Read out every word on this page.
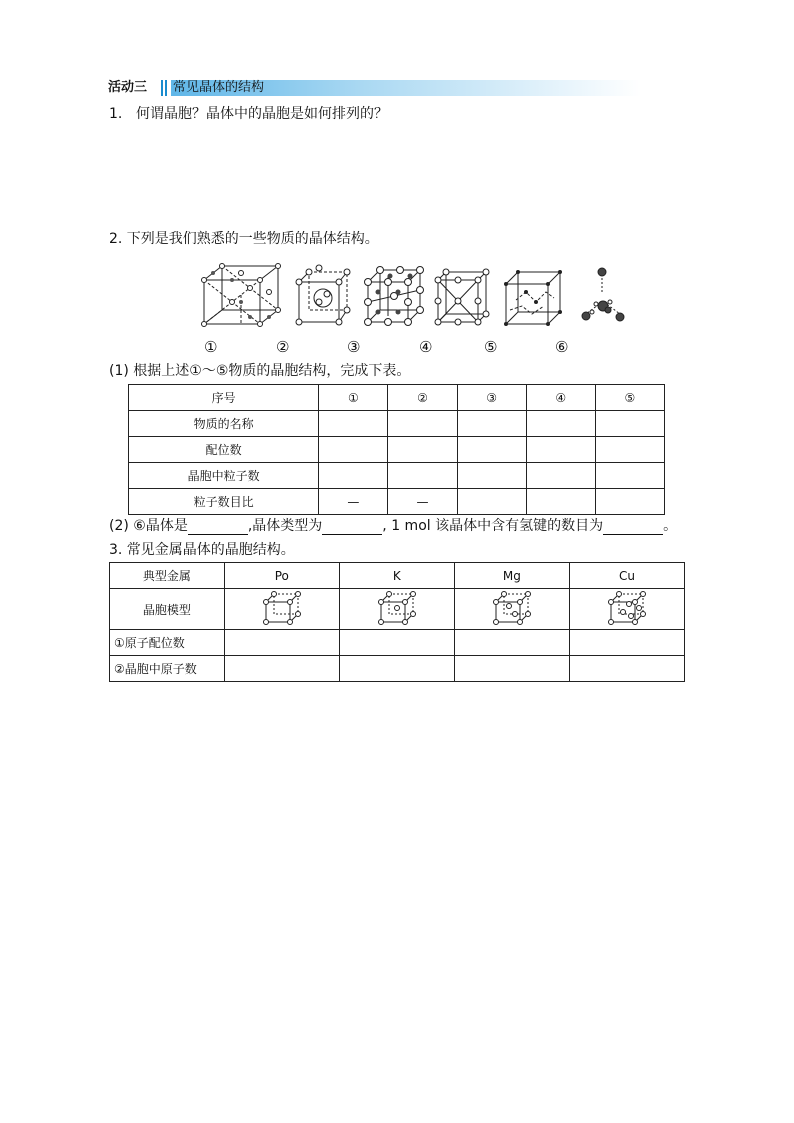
活动三 常见晶体的结构
1. 何谓晶胞？晶体中的晶胞是如何排列的？
2. 下列是我们熟悉的一些物质的晶体结构。
①	②	③	④	⑤	⑥
(1) 根据上述①～⑤物质的晶胞结构，完成下表。
序号	①	②	③	④	⑤
物质的名称					
配位数					
晶胞中粒子数					
粒子数目比	—	—			
(2) ⑥晶体是	,晶体类型为	, 1 mol 该晶体中含有氢键的数目为	。
3. 常见金属晶体的晶胞结构。
典型金属	Po	K	Mg	Cu
晶胞模型				
①原子配位数				
②晶胞中原子数				
